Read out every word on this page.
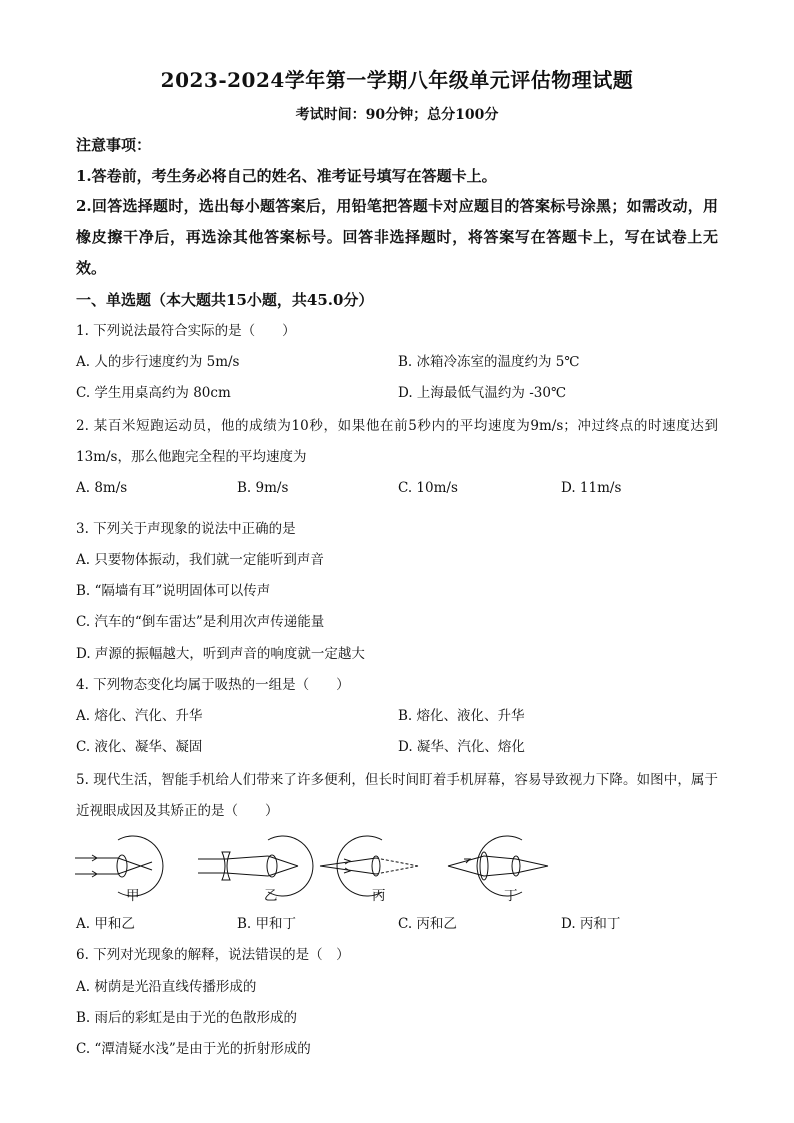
2023-2024学年第一学期八年级单元评估物理试题
考试时间：90分钟；总分100分
注意事项：
1.答卷前，考生务必将自己的姓名、准考证号填写在答题卡上。
2.回答选择题时，选出每小题答案后，用铅笔把答题卡对应题目的答案标号涂黑；如需改动，用橡皮擦干净后，再选涂其他答案标号。回答非选择题时，将答案写在答题卡上，写在试卷上无效。
一、单选题（本大题共15小题，共45.0分）
1. 下列说法最符合实际的是（　　）
A. 人的步行速度约为 5m/s	B. 冰箱冷冻室的温度约为 5℃
C. 学生用桌高约为 80cm	D. 上海最低气温约为 -30℃
2. 某百米短跑运动员，他的成绩为10秒，如果他在前5秒内的平均速度为9m/s；冲过终点的时速度达到13m/s，那么他跑完全程的平均速度为
A. 8m/s	B. 9m/s	C. 10m/s	D. 11m/s
3. 下列关于声现象的说法中正确的是
A. 只要物体振动，我们就一定能听到声音
B. “隔墙有耳”说明固体可以传声
C. 汽车的“倒车雷达”是利用次声传递能量
D. 声源的振幅越大，听到声音的响度就一定越大
4. 下列物态变化均属于吸热的一组是（　　）
A. 熔化、汽化、升华	B. 熔化、液化、升华
C. 液化、凝华、凝固	D. 凝华、汽化、熔化
5. 现代生活，智能手机给人们带来了许多便利，但长时间盯着手机屏幕，容易导致视力下降。如图中，属于近视眼成因及其矫正的是（　　）
甲	乙	丙	丁
A. 甲和乙	B. 甲和丁	C. 丙和乙	D. 丙和丁
6. 下列对光现象的解释，说法错误的是（　）
A. 树荫是光沿直线传播形成的
B. 雨后的彩虹是由于光的色散形成的
C. “潭清疑水浅”是由于光的折射形成的
